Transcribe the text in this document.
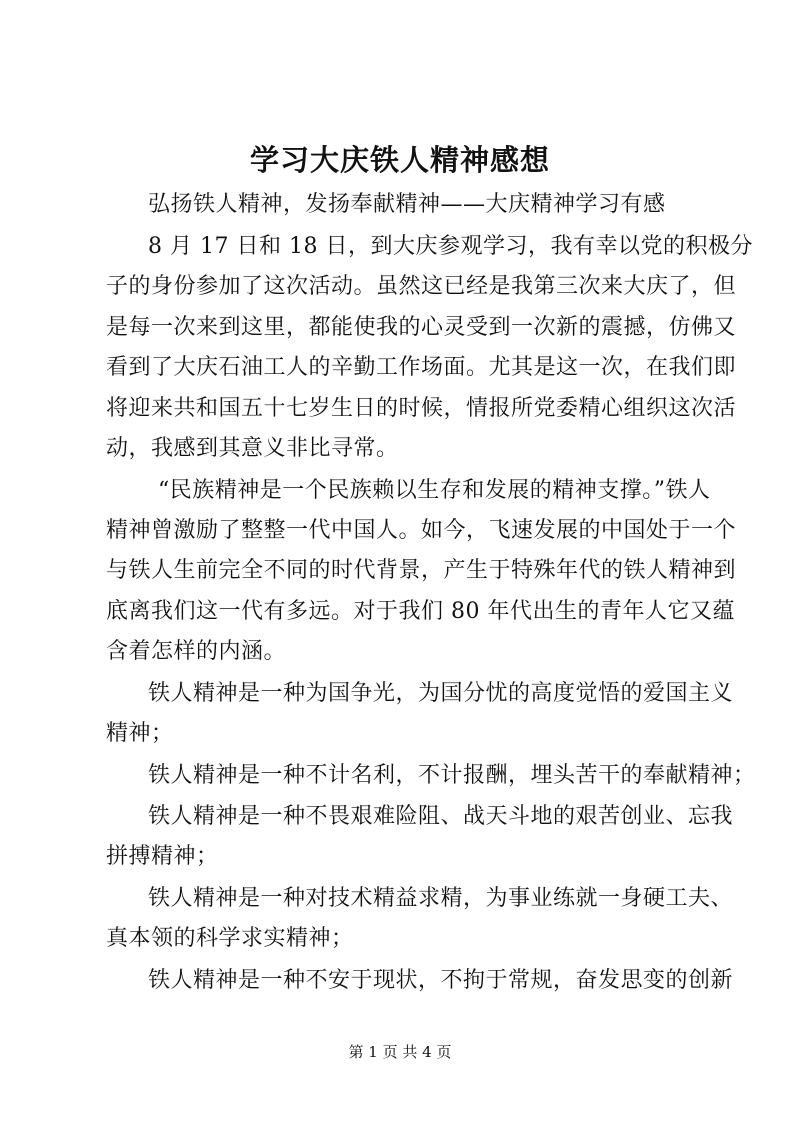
学习大庆铁人精神感想
弘扬铁人精神，发扬奉献精神——大庆精神学习有感
8 月 17 日和 18 日，到大庆参观学习，我有幸以党的积极分
子的身份参加了这次活动。虽然这已经是我第三次来大庆了，但
是每一次来到这里，都能使我的心灵受到一次新的震撼，仿佛又
看到了大庆石油工人的辛勤工作场面。尤其是这一次，在我们即
将迎来共和国五十七岁生日的时候，情报所党委精心组织这次活
动，我感到其意义非比寻常。
“民族精神是一个民族赖以生存和发展的精神支撑。”铁人
精神曾激励了整整一代中国人。如今，飞速发展的中国处于一个
与铁人生前完全不同的时代背景，产生于特殊年代的铁人精神到
底离我们这一代有多远。对于我们 80 年代出生的青年人它又蕴
含着怎样的内涵。
铁人精神是一种为国争光，为国分忧的高度觉悟的爱国主义
精神；
铁人精神是一种不计名利，不计报酬，埋头苦干的奉献精神；
铁人精神是一种不畏艰难险阻、战天斗地的艰苦创业、忘我
拼搏精神；
铁人精神是一种对技术精益求精，为事业练就一身硬工夫、
真本领的科学求实精神；
铁人精神是一种不安于现状，不拘于常规，奋发思变的创新
第 1 页 共 4 页
